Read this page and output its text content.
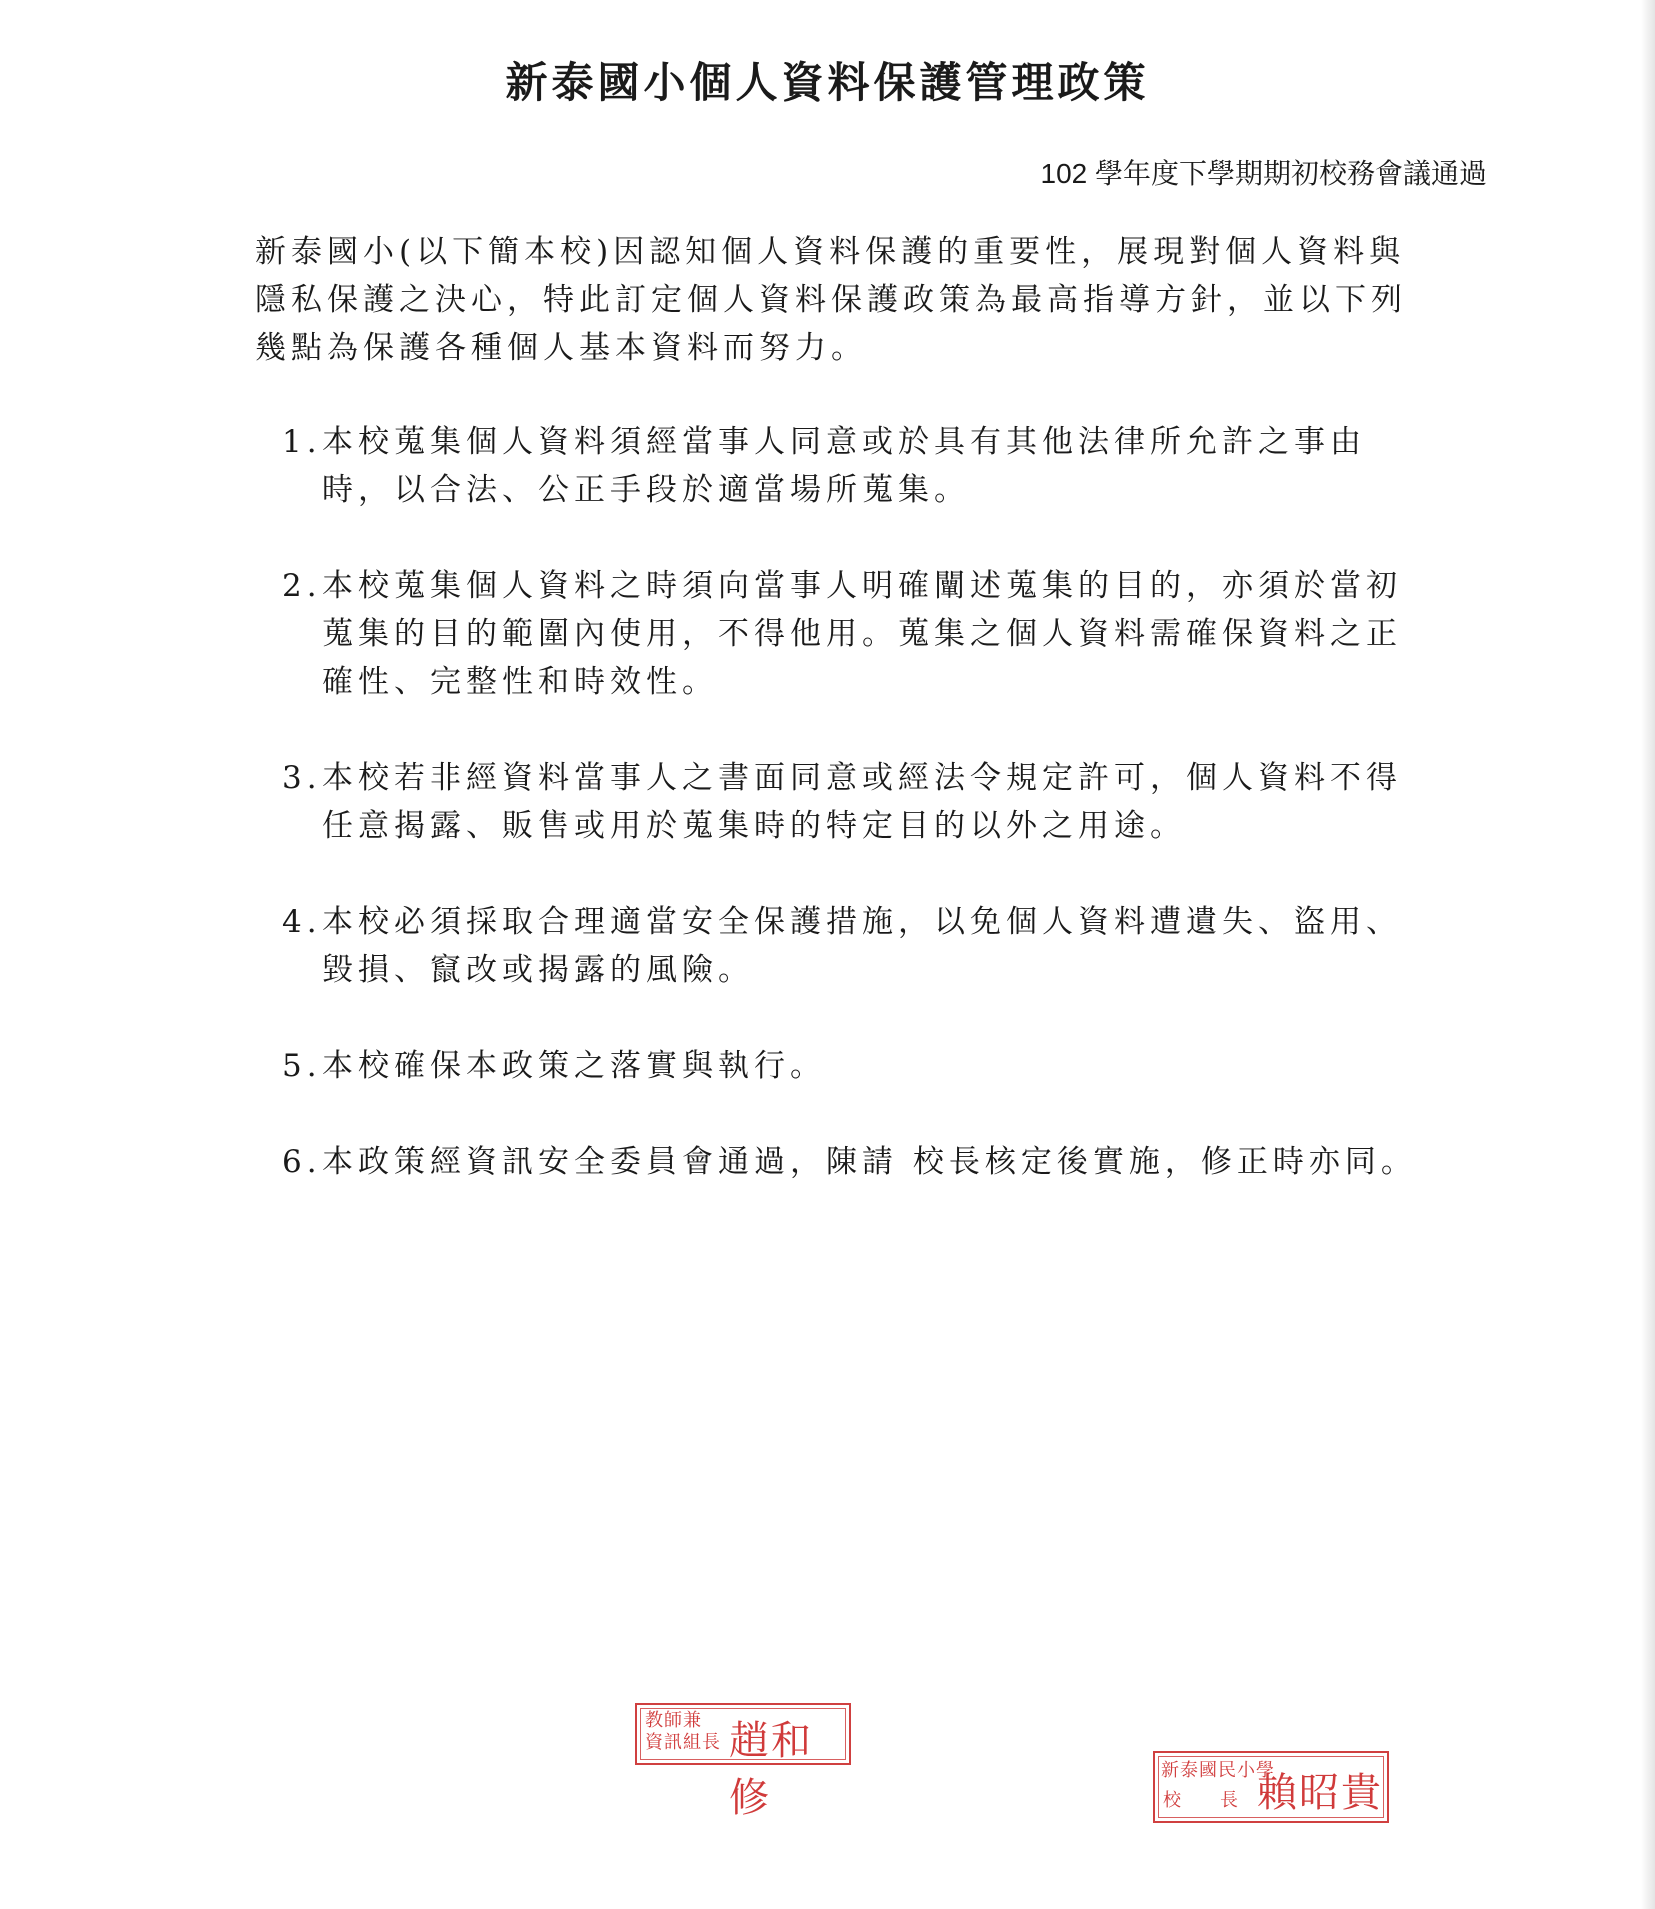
新泰國小個人資料保護管理政策
102 學年度下學期期初校務會議通過

新泰國小(以下簡本校)因認知個人資料保護的重要性，展現對個人資料與隱私保護之決心，特此訂定個人資料保護政策為最高指導方針，並以下列幾點為保護各種個人基本資料而努力。

1. 本校蒐集個人資料須經當事人同意或於具有其他法律所允許之事由時，以合法、公正手段於適當場所蒐集。
2. 本校蒐集個人資料之時須向當事人明確闡述蒐集的目的，亦須於當初蒐集的目的範圍內使用，不得他用。蒐集之個人資料需確保資料之正確性、完整性和時效性。
3. 本校若非經資料當事人之書面同意或經法令規定許可，個人資料不得任意揭露、販售或用於蒐集時的特定目的以外之用途。
4. 本校必須採取合理適當安全保護措施，以免個人資料遭遺失、盜用、毀損、竄改或揭露的風險。
5. 本校確保本政策之落實與執行。
6. 本政策經資訊安全委員會通過，陳請 校長核定後實施，修正時亦同。
教師兼
資訊組長 趙和修
新泰國民小學
校　　長 賴昭貴
